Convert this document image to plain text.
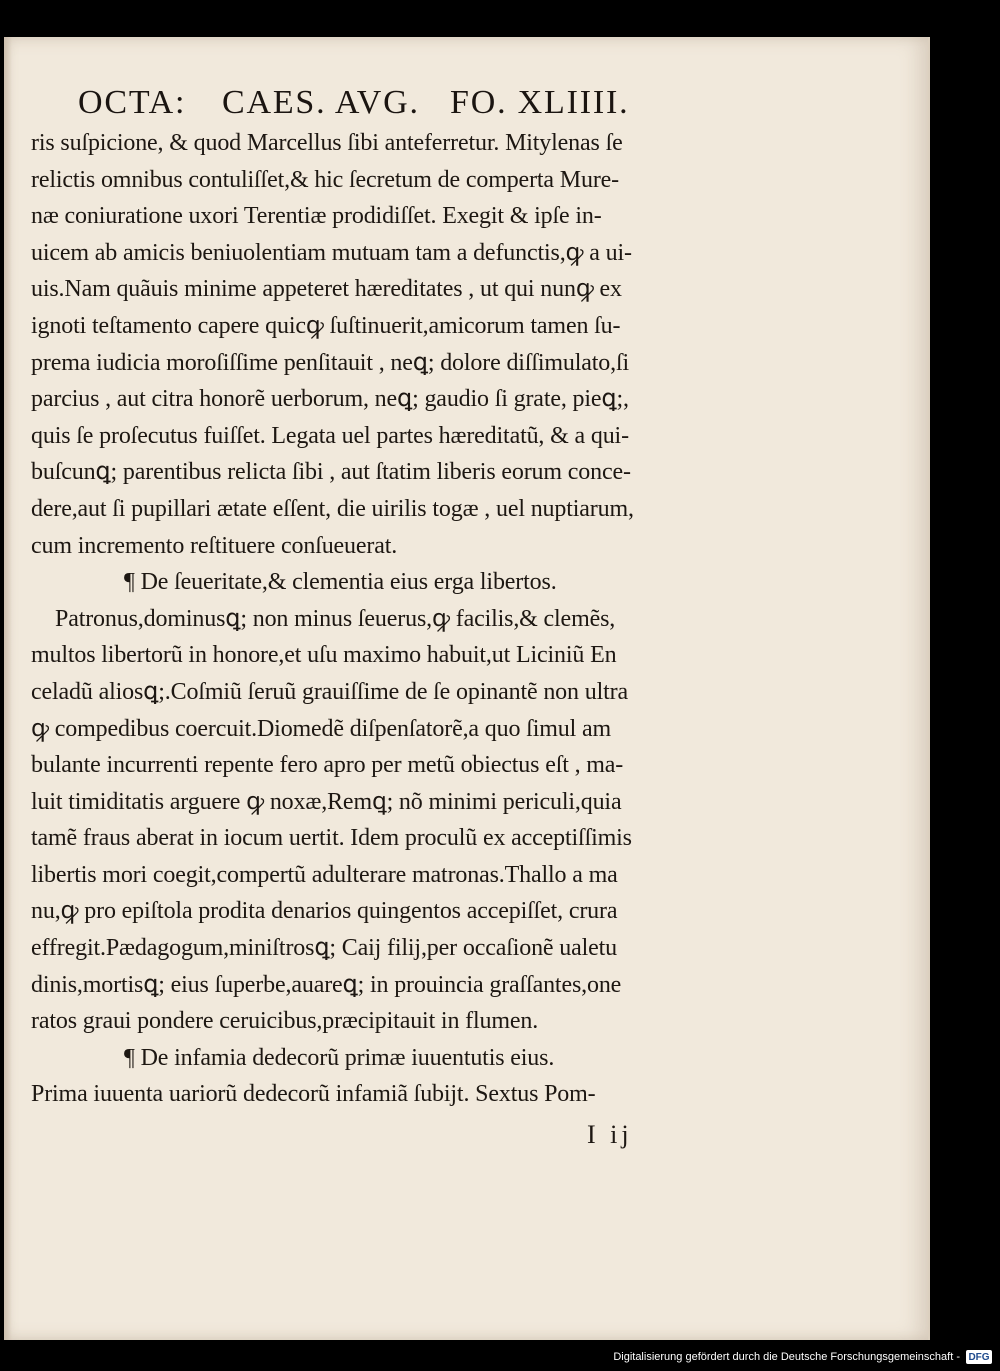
OCTA: CAES. AVG. FO. XLIIII.
ris suſpicione, & quod Marcellus ſibi anteferretur. Mitylenas ſe
relictis omnibus contuliſſet,& hic ſecretum de comperta Mure-
næ coniuratione uxori Terentiæ prodidiſſet. Exegit & ipſe in-
uicem ab amicis beniuolentiam mutuam tam a defunctis,ꝙ a ui-
uis.Nam quãuis minime appeteret hæreditates , ut qui nunꝙ ex
ignoti teſtamento capere quicꝙ ſuſtinuerit,amicorum tamen ſu-
prema iudicia moroſiſſime penſitauit , neꝗ; dolore diſſimulato,ſi
parcius , aut citra honorẽ uerborum, neꝗ; gaudio ſi grate, pieꝗ;,
quis ſe proſecutus fuiſſet. Legata uel partes hæreditatũ, & a qui-
buſcunꝗ; parentibus relicta ſibi , aut ſtatim liberis eorum conce-
dere,aut ſi pupillari ætate eſſent, die uirilis togæ , uel nuptiarum,
cum incremento reſtituere conſueuerat.
¶ De ſeueritate,& clementia eius erga libertos.
Patronus,dominusꝗ; non minus ſeuerus,ꝙ facilis,& clemẽs,
multos libertorũ in honore,et uſu maximo habuit,ut Liciniũ En
celadũ aliosꝗ;.Coſmiũ ſeruũ grauiſſime de ſe opinantẽ non ultra
ꝙ compedibus coercuit.Diomedẽ diſpenſatorẽ,a quo ſimul am
bulante incurrenti repente fero apro per metũ obiectus eſt , ma-
luit timiditatis arguere ꝙ noxæ,Remꝗ; nõ minimi periculi,quia
tamẽ fraus aberat in iocum uertit. Idem proculũ ex acceptiſſimis
libertis mori coegit,compertũ adulterare matronas.Thallo a ma
nu,ꝙ pro epiſtola prodita denarios quingentos accepiſſet, crura
effregit.Pædagogum,miniſtrosꝗ; Caij filij,per occaſionẽ ualetu
dinis,mortisꝗ; eius ſuperbe,auareꝗ; in prouincia graſſantes,one
ratos graui pondere ceruicibus,præcipitauit in flumen.
¶ De infamia dedecorũ primæ iuuentutis eius.
Prima iuuenta uariorũ dedecorũ infamiã ſubijt. Sextus Pom-
I ij
Digitalisierung gefördert durch die Deutsche Forschungsgemeinschaft - DFG
